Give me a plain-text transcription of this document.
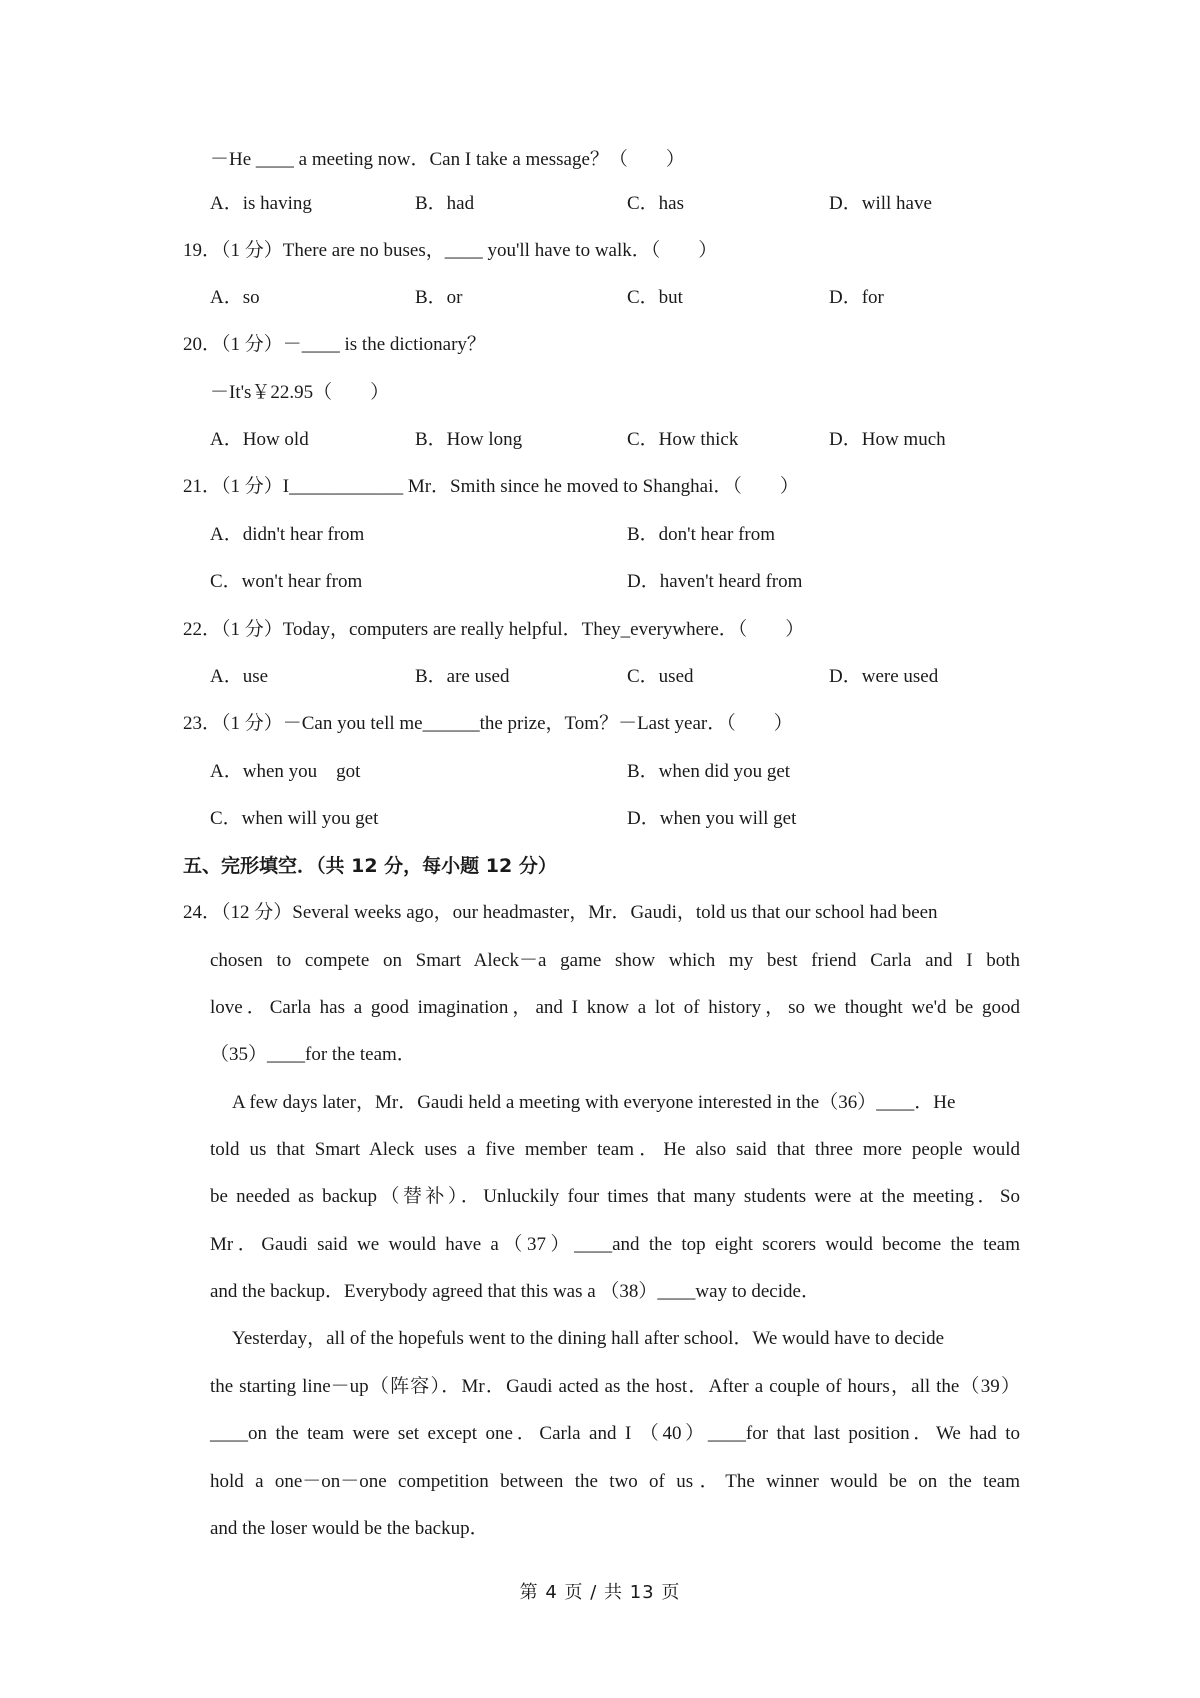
－He ____ a meeting now．Can I take a message？（　　）
A．is having	B．had	C．has	D．will have
19．（1 分）There are no buses，____ you'll have to walk．（　　）
A．so	B．or	C．but	D．for
20．（1 分）－____ is the dictionary？
－It's￥22.95（　　）
A．How old	B．How long	C．How thick	D．How much
21．（1 分）I____________ Mr．Smith since he moved to Shanghai．（　　）
A．didn't hear from	B．don't hear from
C．won't hear from	D．haven't heard from
22．（1 分）Today，computers are really helpful．They_everywhere．（　　）
A．use	B．are used	C．used	D．were used
23．（1 分）－Can you tell me______the prize，Tom？－Last year．（　　）
A．when you　got	B．when did you get
C．when will you get	D．when you will get
五、完形填空．（共 12 分，每小题 12 分）
24．（12 分）Several weeks ago，our headmaster，Mr．Gaudi，told us that our school had been
chosen to compete on Smart Aleck－a game show which my best friend Carla and I both
love．Carla has a good imagination，and I know a lot of history，so we thought we'd be good
（35）____for the team．
A few days later，Mr．Gaudi held a meeting with everyone interested in the（36）____．He
told us that Smart Aleck uses a five member team．He also said that three more people would
be needed as backup（替补）．Unluckily four times that many students were at the meeting．So
Mr．Gaudi said we would have a（37）____and the top eight scorers would become the team
and the backup．Everybody agreed that this was a （38）____way to decide．
Yesterday，all of the hopefuls went to the dining hall after school．We would have to decide
the starting line－up（阵容）．Mr．Gaudi acted as the host．After a couple of hours，all the（39）
____on the team were set except one．Carla and I （40）____for that last position．We had to
hold a one－on－one competition between the two of us．The winner would be on the team
and the loser would be the backup．
第 4 页 / 共 13 页
